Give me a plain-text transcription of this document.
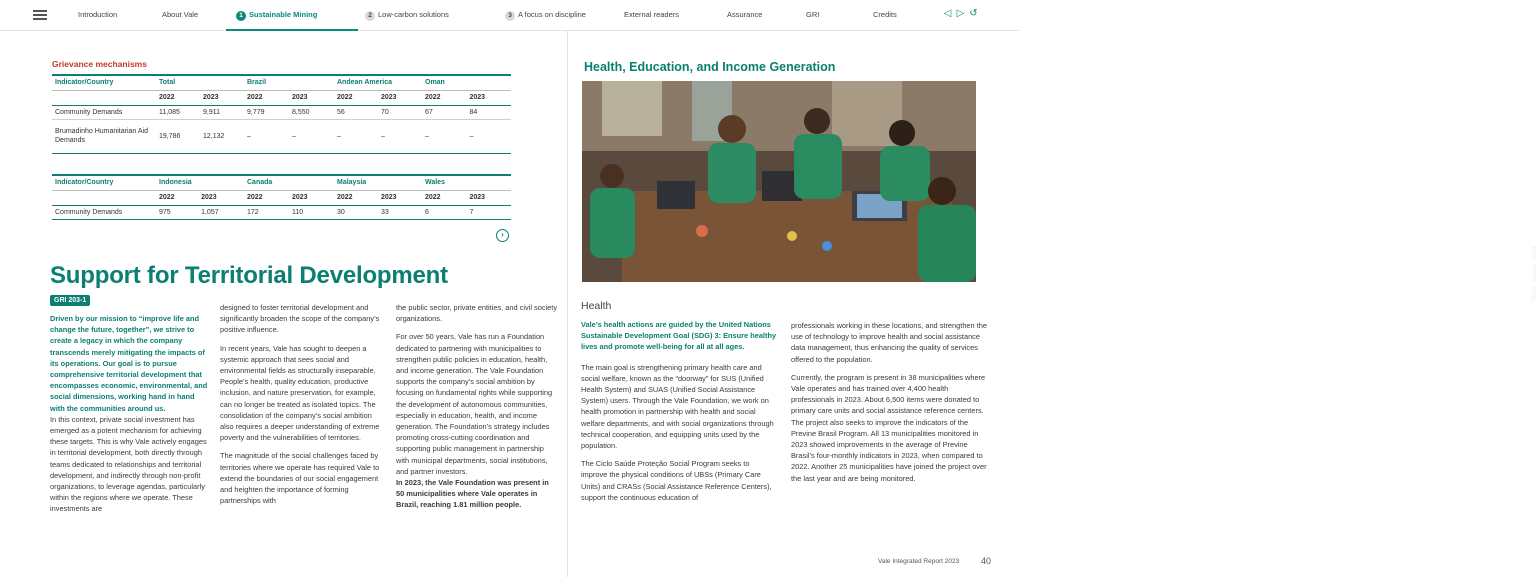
Introduction	About Vale	1 Sustainable Mining	2 Low-carbon solutions	3 A focus on discipline	External readers	Assurance	GRI	Credits	◁ ▷ ↺
Grievance mechanisms
Indicator/Country	Total		Brazil		Andean America		Oman	
	2022	2023	2022	2023	2022	2023	2022	2023
Community Demands	11,085	9,911	9,779	8,550	56	70	67	84
Brumadinho Humanitarian Aid Demands	19,786	12,132	–	–	–	–	–	–
Indicator/Country	Indonesia		Canada		Malaysia		Wales	
	2022	2023	2022	2023	2022	2023	2022	2023
Community Demands	975	1,057	172	110	30	33	6	7
›
Support for Territorial Development
GRI 203-1
Driven by our mission to “improve life and change the future, together”, we strive to create a legacy in which the company transcends merely mitigating the impacts of its operations. Our goal is to pursue comprehensive territorial development that encompasses economic, environmental, and social dimensions, working hand in hand with the communities around us.
In this context, private social investment has emerged as a potent mechanism for achieving these targets. This is why Vale actively engages in territorial development, both directly through teams dedicated to relationships and territorial development, and indirectly through non-profit organizations, to leverage agendas, particularly within the regions where we operate. These investments are

designed to foster territorial development and significantly broaden the scope of the company’s positive influence.

In recent years, Vale has sought to deepen a systemic approach that sees social and environmental fields as structurally inseparable. People’s health, quality education, productive inclusion, and nature preservation, for example, can no longer be treated as isolated topics. The consolidation of the company’s social ambition also requires a deeper understanding of extreme poverty and the vulnerabilities of territories.

The magnitude of the social challenges faced by territories where we operate has required Vale to extend the boundaries of our social engagement and heighten the importance of forming partnerships with

the public sector, private entities, and civil society organizations.

For over 50 years, Vale has run a Foundation dedicated to partnering with municipalities to strengthen public policies in education, health, and income generation. The Vale Foundation supports the company’s social ambition by focusing on fundamental rights while supporting the development of autonomous communities, especially in education, health, and income generation. The Foundation’s strategy includes promoting cross-cutting coordination and supporting public management in partnership with municipal departments, social institutions, and partner investors.
In 2023, the Vale Foundation was present in 50 municipalities where Vale operates in Brazil, reaching 1.81 million people.
Health, Education, and Income Generation
Photo: Isaque Junior
Health

Vale’s health actions are guided by the United Nations Sustainable Development Goal (SDG) 3: Ensure healthy lives and promote well-being for all at all ages.

The main goal is strengthening primary health care and social welfare, known as the “doorway” for SUS (Unified Health System) and SUAS (Unified Social Assistance System) users. Through the Vale Foundation, we work on health promotion in partnership with health and social welfare departments, and with social organizations through technical cooperation, and equipping units used by the population.

The Ciclo Saúde Proteção Social Program seeks to improve the physical conditions of UBSs (Primary Care Units) and CRASs (Social Assistance Reference Centers), support the continuous education of

professionals working in these locations, and strengthen the use of technology to improve health and social assistance data management, thus enhancing the quality of services offered to the population.

Currently, the program is present in 38 municipalities where Vale operates and has trained over 4,400 health professionals in 2023. About 6,500 items were donated to primary care units and social assistance reference centers. The project also seeks to improve the indicators of the Previne Brasil Program. All 13 municipalities monitored in 2023 showed improvements in the average of Previne Brasil’s four-monthly indicators in 2023, when compared to 2022. Another 25 municipalities have joined the project over the last year and are being monitored.
Vale Integrated Report 2023 40
